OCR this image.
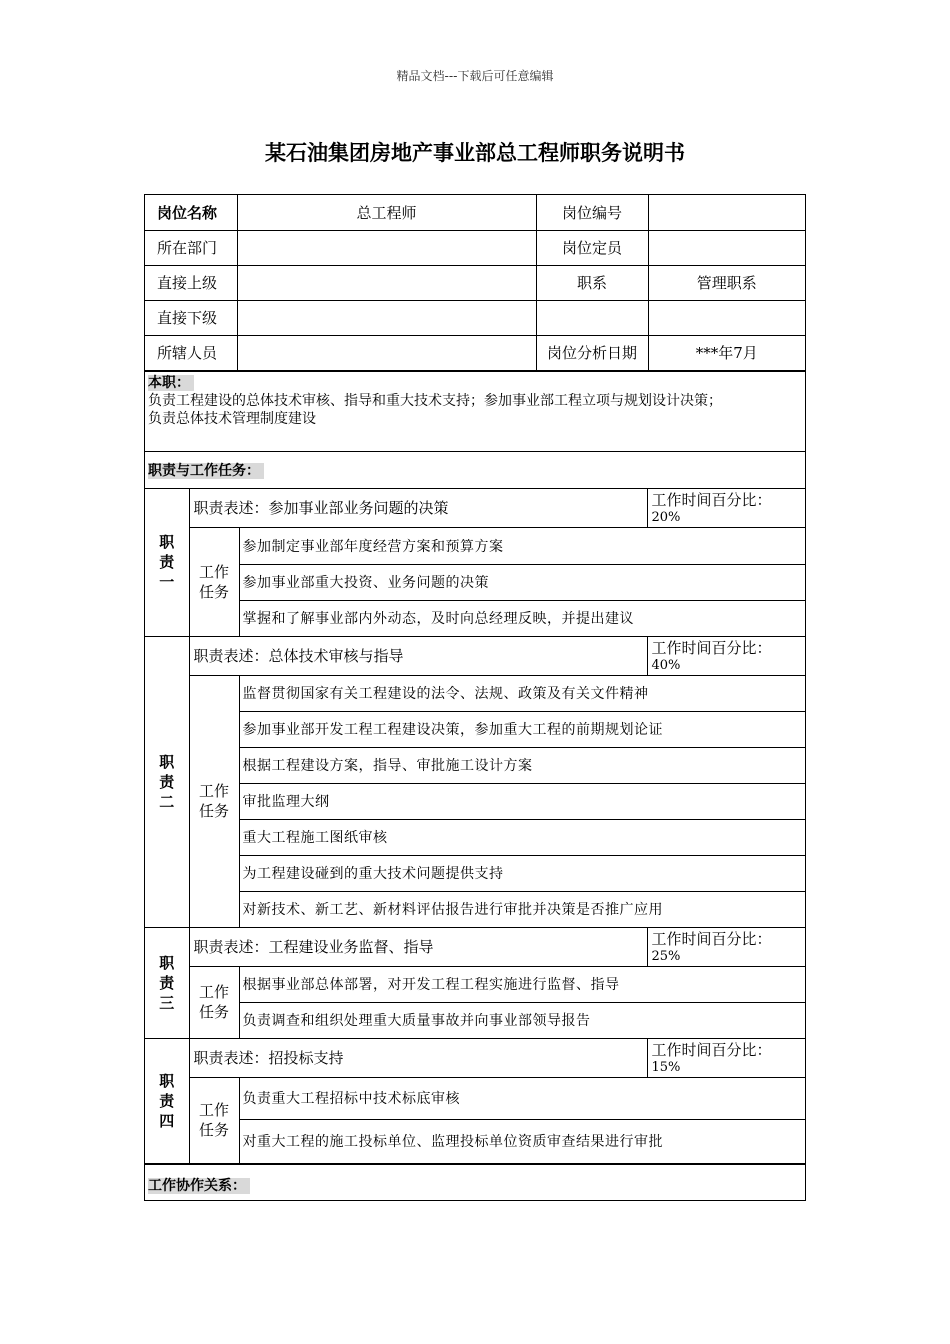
精品文档---下载后可任意编辑
某石油集团房地产事业部总工程师职务说明书
岗位名称	总工程师	岗位编号	
所在部门		岗位定员	
直接上级		职系	管理职系
直接下级			
所辖人员		岗位分析日期	***年7月
本职：
负责工程建设的总体技术审核、指导和重大技术支持；参加事业部工程立项与规划设计决策；
负责总体技术管理制度建设
职责与工作任务：
职责一	职责表述：参加事业部业务问题的决策		工作时间百分比：
20%

	工作任务	参加制定事业部年度经营方案和预算方案	
		参加事业部重大投资、业务问题的决策	
		掌握和了解事业部内外动态，及时向总经理反映，并提出建议	

职责二	职责表述：总体技术审核与指导		工作时间百分比：
40%

	工作任务	监督贯彻国家有关工程建设的法令、法规、政策及有关文件精神	
		参加事业部开发工程工程建设决策，参加重大工程的前期规划论证	
		根据工程建设方案，指导、审批施工设计方案	
		审批监理大纲	
		重大工程施工图纸审核	
		为工程建设碰到的重大技术问题提供支持	
		对新技术、新工艺、新材料评估报告进行审批并决策是否推广应用	

职责三	职责表述：工程建设业务监督、指导		工作时间百分比：
25%

	工作任务	根据事业部总体部署，对开发工程工程实施进行监督、指导	
		负责调查和组织处理重大质量事故并向事业部领导报告	

职责四	职责表述：招投标支持		工作时间百分比：
15%

	工作任务	负责重大工程招标中技术标底审核	
		对重大工程的施工投标单位、监理投标单位资质审查结果进行审批	
工作协作关系：
